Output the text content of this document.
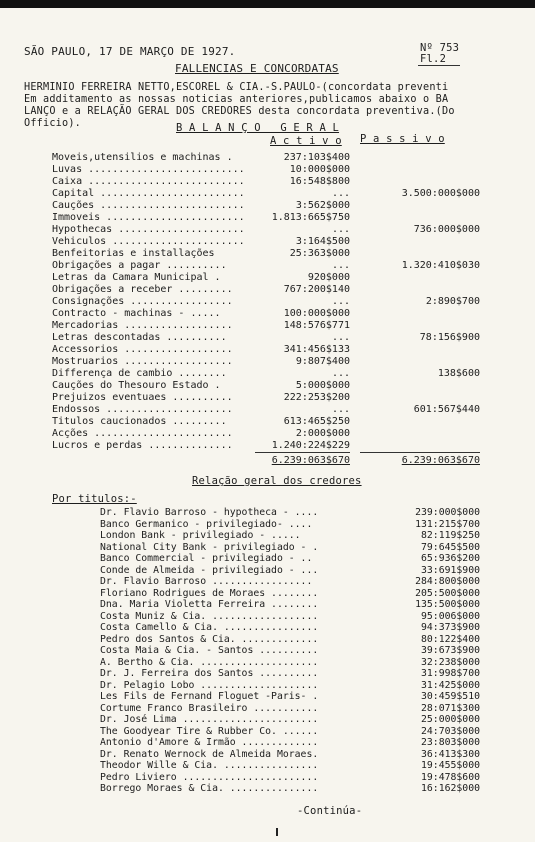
SÃO PAULO, 17 DE MARÇO DE 1927.	Nº 753
Fl.2
FALLENCIAS E CONCORDATAS
HERMINIO FERREIRA NETTO,ESCOREL & CIA.-S.PAULO-(concordata preventi
Em additamento as nossas noticias anteriores,publicamos abaixo o BA
LANÇO e a RELAÇÃO GERAL DOS CREDORES desta concordata preventiva.(Do
Officio).	B A L A N Ç O   G E R A L
A c t i v o P a s s i v o
Moveis,utensilios e machinas .	237:103$400
Luvas ..........................	10:000$000
Caixa ..........................	16:548$800
Capital ........................	...	3.500:000$000
Cauções ........................	3:562$000
Immoveis .......................	1.813:665$750
Hypothecas .....................	...	736:000$000
Vehiculos ......................	3:164$500
Benfeitorias e installações	25:363$000
Obrigações a pagar ..........	...	1.320:410$030
Letras da Camara Municipal .	920$000
Obrigações a receber .........	767:200$140
Consignações .................	...	2:890$700
Contracto - machinas - .....	100:000$000
Mercadorias ..................	148:576$771
Letras descontadas ..........	...	78:156$900
Accessorios ..................	341:456$133
Mostruarios ..................	9:807$400
Differença de cambio ........	...	138$600
Cauções do Thesouro Estado .	5:000$000
Prejuizos eventuaes ..........	222:253$200
Endossos .....................	...	601:567$440
Titulos caucionados .........	613:465$250
Acções .......................	2:000$000
Lucros e perdas ..............	1.240:224$229
6.239:063$670	6.239:063$670
Relação geral dos credores
Por titulos:-
Dr. Flavio Barroso - hypotheca - ....	239:000$000
Banco Germanico - privilegiado- ....	131:215$700
London Bank - privilegiado - .....	82:119$250
National City Bank - privilegiado - .	79:645$500
Banco Commercial - privilegiado - ..	65:936$200
Conde de Almeida - privilegiado - ...	33:691$900
Dr. Flavio Barroso .................	284:800$000
Floriano Rodrigues de Moraes ........	205:500$000
Dna. Maria Violetta Ferreira ........	135:500$000
Costa Muniz & Cia. ..................	95:006$000
Costa Camello & Cia. ................	94:373$900
Pedro dos Santos & Cia. .............	80:122$400
Costa Maia & Cia. - Santos ..........	39:673$900
A. Bertho & Cia. ....................	32:238$000
Dr. J. Ferreira dos Santos ..........	31:998$700
Dr. Pelagio Lobo ....................	31:425$000
Les Fils de Fernand Floguet -Paris- .	30:459$510
Cortume Franco Brasileiro ...........	28:071$300
Dr. José Lima .......................	25:000$000
The Goodyear Tire & Rubber Co. ......	24:703$000
Antonio d'Amore & Irmão .............	23:803$000
Dr. Renato Wernock de Almeida Moraes.	36:413$300
Theodor Wille & Cia. ................	19:455$000
Pedro Liviero .......................	19:478$600
Borrego Moraes & Cia. ...............	16:162$000
-Continúa-
